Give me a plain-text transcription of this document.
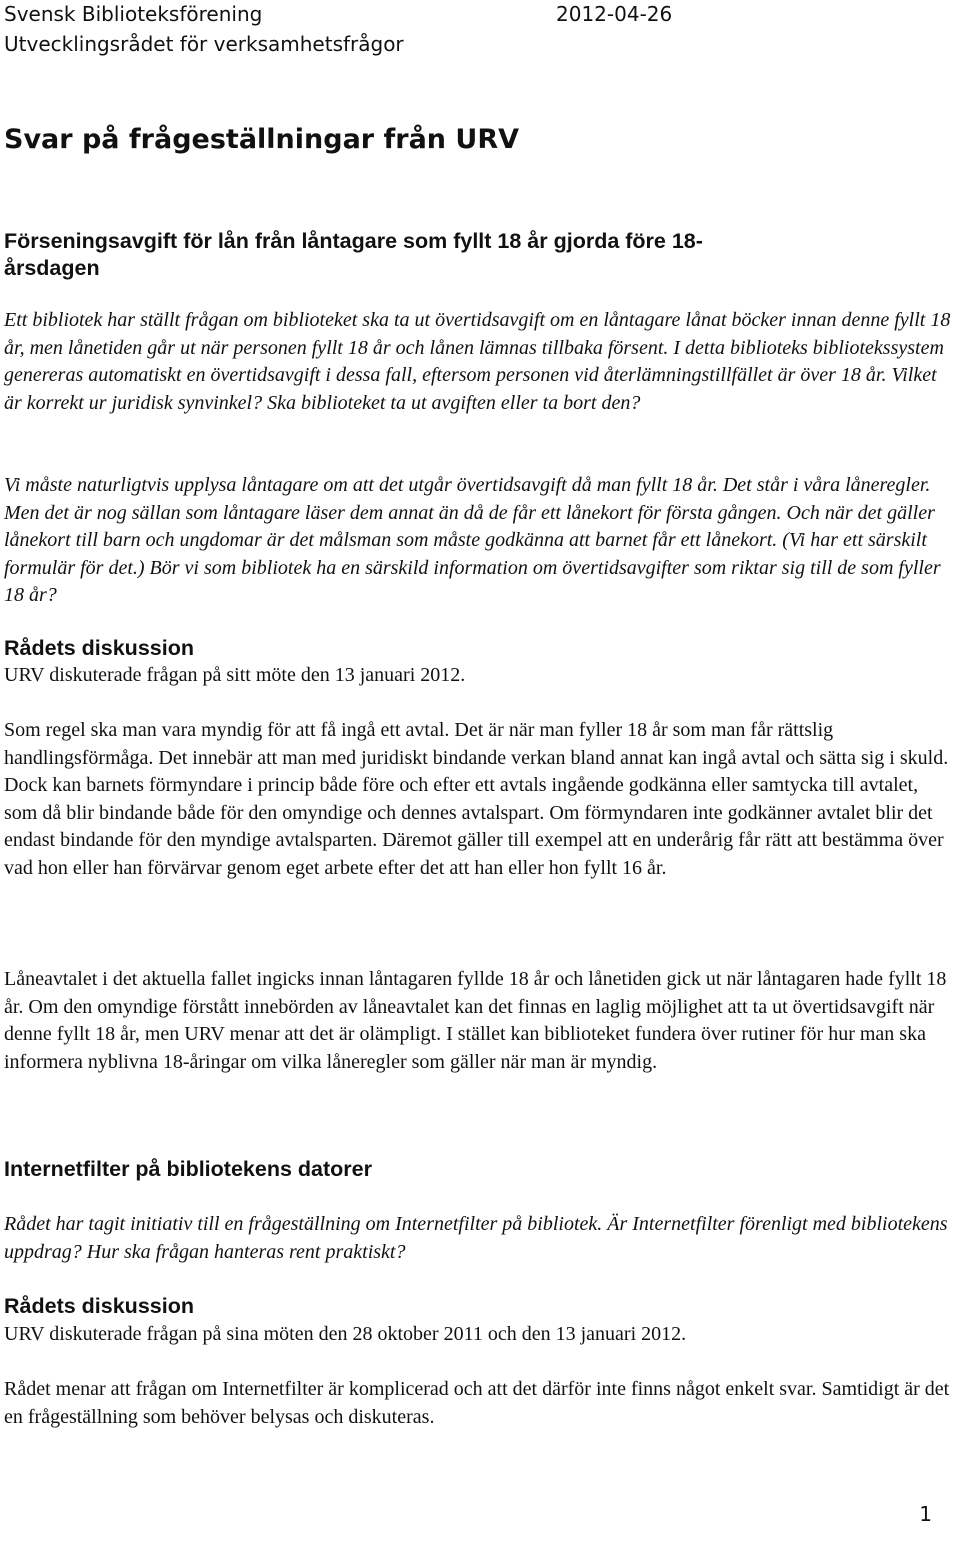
Svensk Biblioteksförening
Utvecklingsrådet för verksamhetsfrågor
2012-04-26
Svar på frågeställningar från URV
Förseningsavgift för lån från låntagare som fyllt 18 år gjorda före 18-
årsdagen

Ett bibliotek har ställt frågan om biblioteket ska ta ut övertidsavgift om en låntagare lånat böcker innan denne fyllt 18 år, men lånetiden går ut när personen fyllt 18 år och lånen lämnas tillbaka försent. I detta biblioteks bibliotekssystem genereras automatiskt en övertidsavgift i dessa fall, eftersom personen vid återlämningstillfället är över 18 år. Vilket är korrekt ur juridisk synvinkel? Ska biblioteket ta ut avgiften eller ta bort den?

Vi måste naturligtvis upplysa låntagare om att det utgår övertidsavgift då man fyllt 18 år. Det står i våra låneregler. Men det är nog sällan som låntagare läser dem annat än då de får ett lånekort för första gången. Och när det gäller lånekort till barn och ungdomar är det målsman som måste godkänna att barnet får ett lånekort. (Vi har ett särskilt formulär för det.) Bör vi som bibliotek ha en särskild information om övertidsavgifter som riktar sig till de som fyller 18 år?

Rådets diskussion

URV diskuterade frågan på sitt möte den 13 januari 2012.

Som regel ska man vara myndig för att få ingå ett avtal. Det är när man fyller 18 år som man får rättslig handlingsförmåga. Det innebär att man med juridiskt bindande verkan bland annat kan ingå avtal och sätta sig i skuld. Dock kan barnets förmyndare i princip både före och efter ett avtals ingående godkänna eller samtycka till avtalet, som då blir bindande både för den omyndige och dennes avtalspart. Om förmyndaren inte godkänner avtalet blir det endast bindande för den myndige avtalsparten. Däremot gäller till exempel att en underårig får rätt att bestämma över vad hon eller han förvärvar genom eget arbete efter det att han eller hon fyllt 16 år.

Låneavtalet i det aktuella fallet ingicks innan låntagaren fyllde 18 år och lånetiden gick ut när låntagaren hade fyllt 18 år. Om den omyndige förstått innebörden av låneavtalet kan det finnas en laglig möjlighet att ta ut övertidsavgift när denne fyllt 18 år, men URV menar att det är olämpligt. I stället kan biblioteket fundera över rutiner för hur man ska informera nyblivna 18-åringar om vilka låneregler som gäller när man är myndig.

Internetfilter på bibliotekens datorer

Rådet har tagit initiativ till en frågeställning om Internetfilter på bibliotek. Är Internetfilter förenligt med bibliotekens uppdrag? Hur ska frågan hanteras rent praktiskt?

Rådets diskussion

URV diskuterade frågan på sina möten den 28 oktober 2011 och den 13 januari 2012.

Rådet menar att frågan om Internetfilter är komplicerad och att det därför inte finns något enkelt svar. Samtidigt är det en frågeställning som behöver belysas och diskuteras.

1
